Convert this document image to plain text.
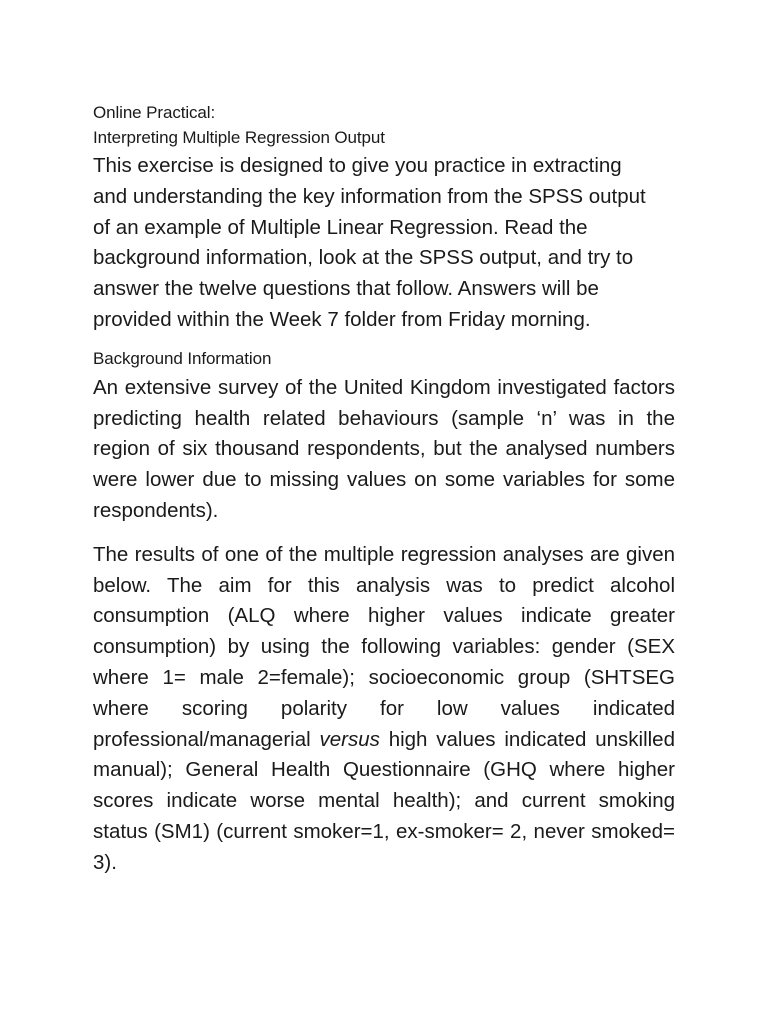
Online Practical:

Interpreting Multiple Regression Output

This exercise is designed to give you practice in extracting and understanding the key information from the SPSS output of an example of Multiple Linear Regression. Read the background information, look at the SPSS output, and try to answer the twelve questions that follow. Answers will be provided within the Week 7 folder from Friday morning.

Background Information

An extensive survey of the United Kingdom investigated factors predicting health related behaviours (sample ‘n’ was in the region of six thousand respondents, but the analysed numbers were lower due to missing values on some variables for some respondents).

The results of one of the multiple regression analyses are given below. The aim for this analysis was to predict alcohol consumption (ALQ where higher values indicate greater consumption) by using the following variables: gender (SEX where 1= male 2=female); socioeconomic group (SHTSEG where scoring polarity for low values indicated professional/managerial versus high values indicated unskilled manual); General Health Questionnaire (GHQ where higher scores indicate worse mental health); and current smoking status (SM1) (current smoker=1, ex-smoker= 2, never smoked= 3).
